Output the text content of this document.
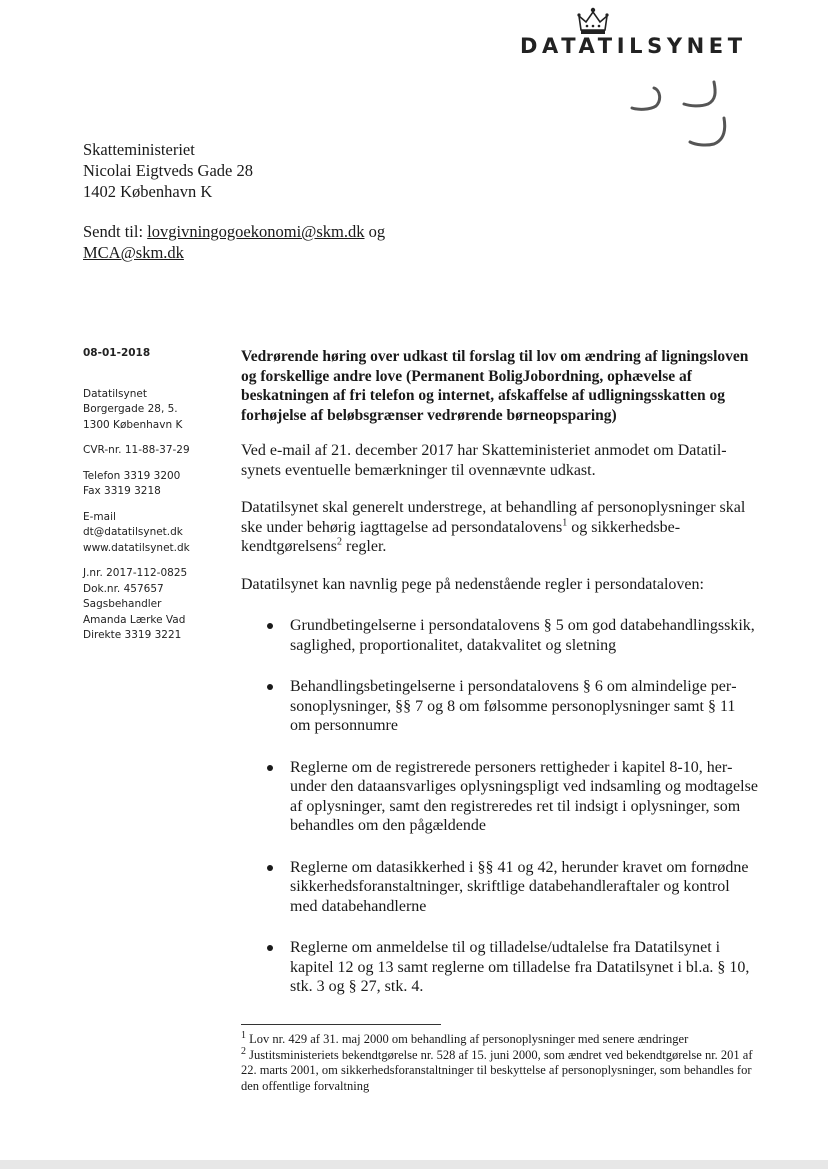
DATATILSYNET
Skatteministeriet
Nicolai Eigtveds Gade 28
1402 København K
Sendt til: lovgivningogoekonomi@skm.dk og
MCA@skm.dk
08-01-2018
Datatilsynet
Borgergade 28, 5.
1300 København K
CVR-nr. 11-88-37-29
Telefon 3319 3200
Fax 3319 3218
E-mail
dt@datatilsynet.dk
www.datatilsynet.dk
J.nr. 2017-112-0825
Dok.nr. 457657
Sagsbehandler
Amanda Lærke Vad
Direkte 3319 3221

Vedrørende høring over udkast til forslag til lov om ændring af ligningsloven og forskellige andre love (Permanent BoligJobordning, ophævelse af beskatningen af fri telefon og internet, afskaffelse af udligningsskatten og forhøjelse af beløbsgrænser vedrørende børneopsparing)

Ved e-mail af 21. december 2017 har Skatteministeriet anmodet om Datatilsynets eventuelle bemærkninger til ovennævnte udkast.

Datatilsynet skal generelt understrege, at behandling af personoplysninger skal ske under behørig iagttagelse ad persondatalovens$^1$ og sikkerhedsbekendtgørelsens$^2$ regler.

Datatilsynet kan navnlig pege på nedenstående regler i persondataloven:

Grundbetingelserne i persondatalovens § 5 om god databehandlingsskik, saglighed, proportionalitet, datakvalitet og sletning
Behandlingsbetingelserne i persondatalovens § 6 om almindelige personoplysninger, §§ 7 og 8 om følsomme personoplysninger samt § 11 om personnumre
Reglerne om de registrerede personers rettigheder i kapitel 8-10, herunder den dataansvarliges oplysningspligt ved indsamling og modtagelse af oplysninger, samt den registreredes ret til indsigt i oplysninger, som behandles om den pågældende
Reglerne om datasikkerhed i §§ 41 og 42, herunder kravet om fornødne sikkerhedsforanstaltninger, skriftlige databehandleraftaler og kontrol med databehandlerne
Reglerne om anmeldelse til og tilladelse/udtalelse fra Datatilsynet i kapitel 12 og 13 samt reglerne om tilladelse fra Datatilsynet i bl.a. § 10, stk. 3 og § 27, stk. 4.
$^1$ Lov nr. 429 af 31. maj 2000 om behandling af personoplysninger med senere ændringer
$^2$ Justitsministeriets bekendtgørelse nr. 528 af 15. juni 2000, som ændret ved bekendtgørelse nr. 201 af 22. marts 2001, om sikkerhedsforanstaltninger til beskyttelse af personoplysninger, som behandles for den offentlige forvaltning
